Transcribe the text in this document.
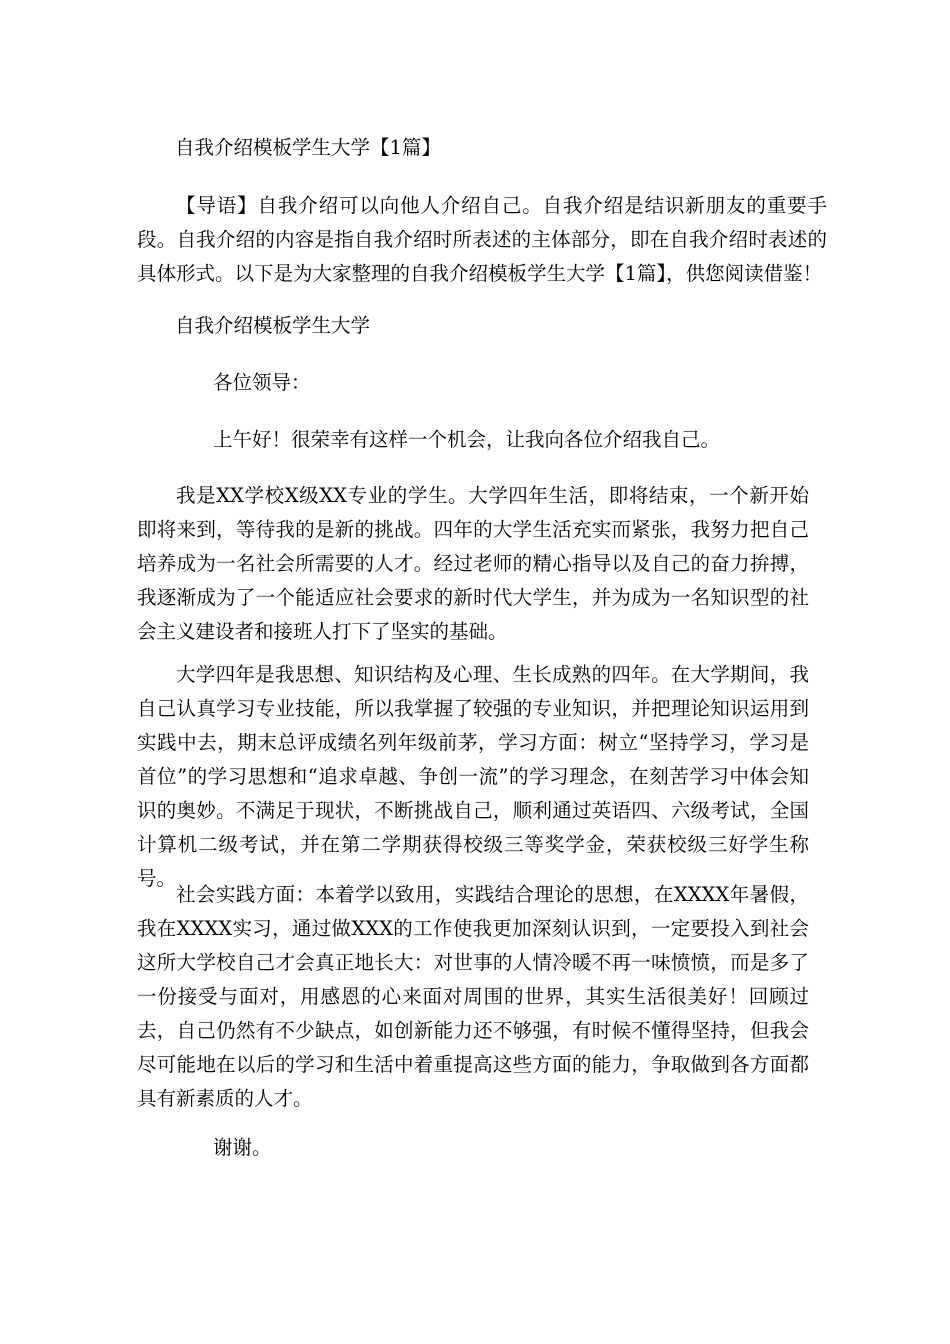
自我介绍模板学生大学【1篇】
【导语】自我介绍可以向他人介绍自己。自我介绍是结识新朋友的重要手段。自我介绍的内容是指自我介绍时所表述的主体部分，即在自我介绍时表述的具体形式。以下是为大家整理的自我介绍模板学生大学【1篇】，供您阅读借鉴！
自我介绍模板学生大学
各位领导：
上午好！很荣幸有这样一个机会，让我向各位介绍我自己。
我是XX学校X级XX专业的学生。大学四年生活，即将结束，一个新开始即将来到，等待我的是新的挑战。四年的大学生活充实而紧张，我努力把自己培养成为一名社会所需要的人才。经过老师的精心指导以及自己的奋力拚搏，我逐渐成为了一个能适应社会要求的新时代大学生，并为成为一名知识型的社会主义建设者和接班人打下了坚实的基础。
大学四年是我思想、知识结构及心理、生长成熟的四年。在大学期间，我自己认真学习专业技能，所以我掌握了较强的专业知识，并把理论知识运用到实践中去，期末总评成绩名列年级前茅，学习方面：树立“坚持学习，学习是首位”的学习思想和“追求卓越、争创一流”的学习理念，在刻苦学习中体会知识的奥妙。不满足于现状，不断挑战自己，顺利通过英语四、六级考试，全国计算机二级考试，并在第二学期获得校级三等奖学金，荣获校级三好学生称号。
社会实践方面：本着学以致用，实践结合理论的思想，在XXXX年暑假，我在XXXX实习，通过做XXX的工作使我更加深刻认识到，一定要投入到社会这所大学校自己才会真正地长大：对世事的人情冷暖不再一味愤愤，而是多了一份接受与面对，用感恩的心来面对周围的世界，其实生活很美好！回顾过去，自己仍然有不少缺点，如创新能力还不够强，有时候不懂得坚持，但我会尽可能地在以后的学习和生活中着重提高这些方面的能力，争取做到各方面都具有新素质的人才。
谢谢。
